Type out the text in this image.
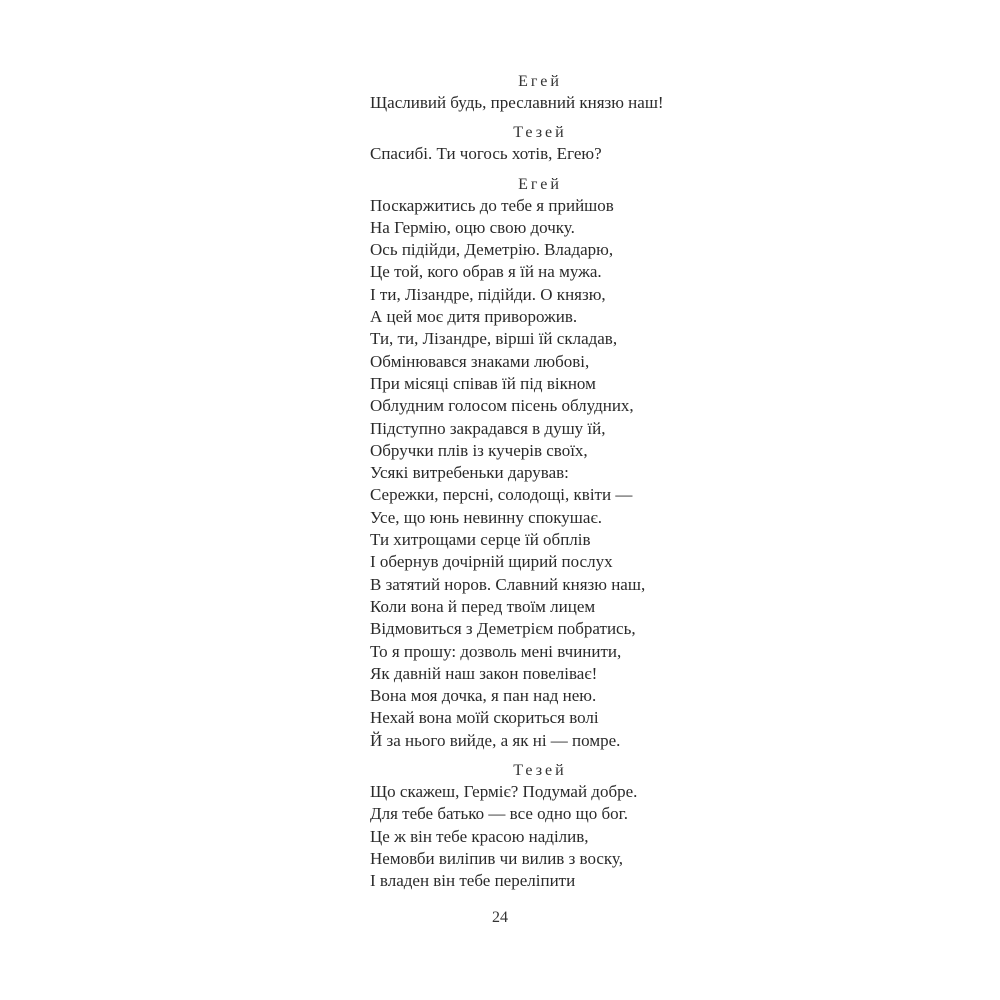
Егей
Щасливий будь, преславний князю наш!
Тезей
Спасибі. Ти чогось хотів, Егею?
Егей
Поскаржитись до тебе я прийшов
На Гермію, оцю свою дочку.
Ось підійди, Деметрію. Владарю,
Це той, кого обрав я їй на мужа.
І ти, Лізандре, підійди. О князю,
А цей моє дитя приворожив.
Ти, ти, Лізандре, вірші їй складав,
Обмінювався знаками любові,
При місяці співав їй під вікном
Облудним голосом пісень облудних,
Підступно закрадався в душу їй,
Обручки плів із кучерів своїх,
Усякі витребеньки дарував:
Сережки, персні, солодощі, квіти —
Усе, що юнь невинну спокушає.
Ти хитрощами серце їй обплів
І обернув дочірній щирий послух
В затятий норов. Славний князю наш,
Коли вона й перед твоїм лицем
Відмовиться з Деметрієм побратись,
То я прошу: дозволь мені вчинити,
Як давній наш закон повеліває!
Вона моя дочка, я пан над нею.
Нехай вона моїй скориться волі
Й за нього вийде, а як ні — помре.
Тезей
Що скажеш, Герміє? Подумай добре.
Для тебе батько — все одно що бог.
Це ж він тебе красою наділив,
Немовби виліпив чи вилив з воску,
І владен він тебе переліпити
24
